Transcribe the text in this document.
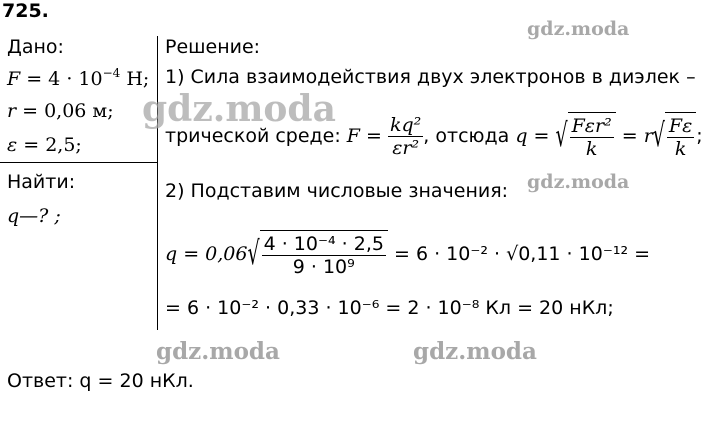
725.
Дано:
$F = 4 \cdot 10^{-4}$ Н;
r = 0,06 м;
ε = 2,5;
Найти:
q—? ;
Решение:
1) Сила взаимодействия двух электронов в диэлек –
трической среде:
F =
$\frac{\text{kq²}}{\text{εr²}}$ , отсюда
q =
√ $\frac{\text{Fεr²}}{k}$
= r √ $\frac{F\varepsilon}{k}$ ;
2) Подставим числовые значения:
q = 0,06 √ $\frac{\text{4 · 10⁻⁴ · 2,5}}{\text{9 · 10⁹}}$
= 6 · 10⁻² · √0,11 · 10⁻¹² =
= 6 · 10⁻² · 0,33 · 10⁻⁶ = 2 · 10⁻⁸ Кл = 20 нКл;
Ответ: q = 20 нКл.
gdz.moda
gdz.moda
gdz.moda
gdz.moda	gdz.moda
